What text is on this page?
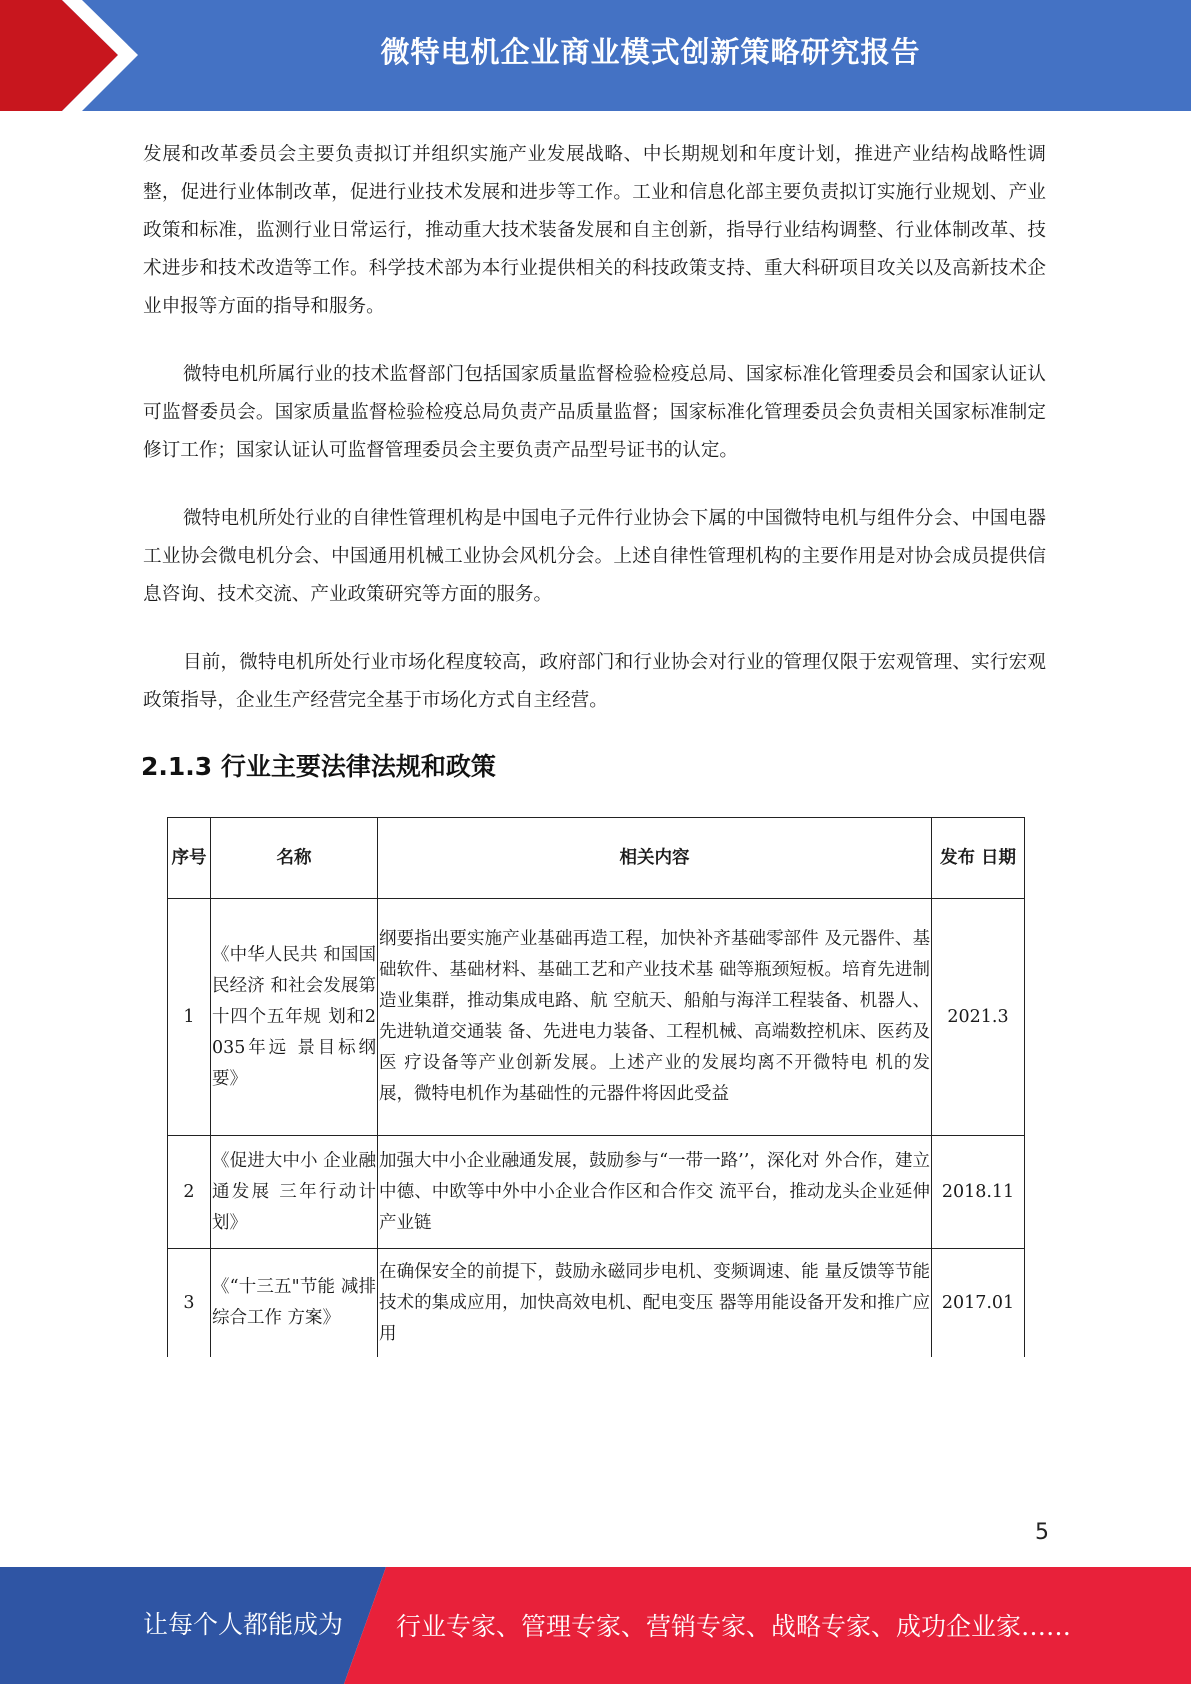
微特电机企业商业模式创新策略研究报告

发展和改革委员会主要负责拟订并组织实施产业发展战略、中长期规划和年度计划，推进产业结构战略性调整，促进行业体制改革，促进行业技术发展和进步等工作。工业和信息化部主要负责拟订实施行业规划、产业政策和标准，监测行业日常运行，推动重大技术装备发展和自主创新，指导行业结构调整、行业体制改革、技术进步和技术改造等工作。科学技术部为本行业提供相关的科技政策支持、重大科研项目攻关以及高新技术企业申报等方面的指导和服务。

微特电机所属行业的技术监督部门包括国家质量监督检验检疫总局、国家标准化管理委员会和国家认证认可监督委员会。国家质量监督检验检疫总局负责产品质量监督；国家标准化管理委员会负责相关国家标准制定修订工作；国家认证认可监督管理委员会主要负责产品型号证书的认定。

微特电机所处行业的自律性管理机构是中国电子元件行业协会下属的中国微特电机与组件分会、中国电器工业协会微电机分会、中国通用机械工业协会风机分会。上述自律性管理机构的主要作用是对协会成员提供信息咨询、技术交流、产业政策研究等方面的服务。

目前，微特电机所处行业市场化程度较高，政府部门和行业协会对行业的管理仅限于宏观管理、实行宏观政策指导，企业生产经营完全基于市场化方式自主经营。

2.1.3 行业主要法律法规和政策
序号	名称	相关内容	发布 日期
1	《中华人民共 和国国民经济 和社会发展第 十四个五年规 划和2035年远 景目标纲要》	纲要指出要实施产业基础再造工程，加快补齐基础零部件 及元器件、基础软件、基础材料、基础工艺和产业技术基 础等瓶颈短板。培育先进制造业集群，推动集成电路、航 空航天、船舶与海洋工程装备、机器人、先进轨道交通装 备、先进电力装备、工程机械、高端数控机床、医药及医 疗设备等产业创新发展。上述产业的发展均离不开微特电 机的发展，微特电机作为基础性的元器件将因此受益	2021.3
2	《促进大中小 企业融通发展 三年行动计划》	加强大中小企业融通发展，鼓励参与“一带一路’’，深化对 外合作，建立中德、中欧等中外中小企业合作区和合作交 流平台，推动龙头企业延伸产业链	2018.11
3	《“十三五"节能 减排综合工作 方案》	在确保安全的前提下，鼓励永磁同步电机、变频调速、能 量反馈等节能技术的集成应用，加快高效电机、配电变压 器等用能设备开发和推广应用	2017.01
5
让每个人都能成为 行业专家、管理专家、营销专家、战略专家、成功企业家……
